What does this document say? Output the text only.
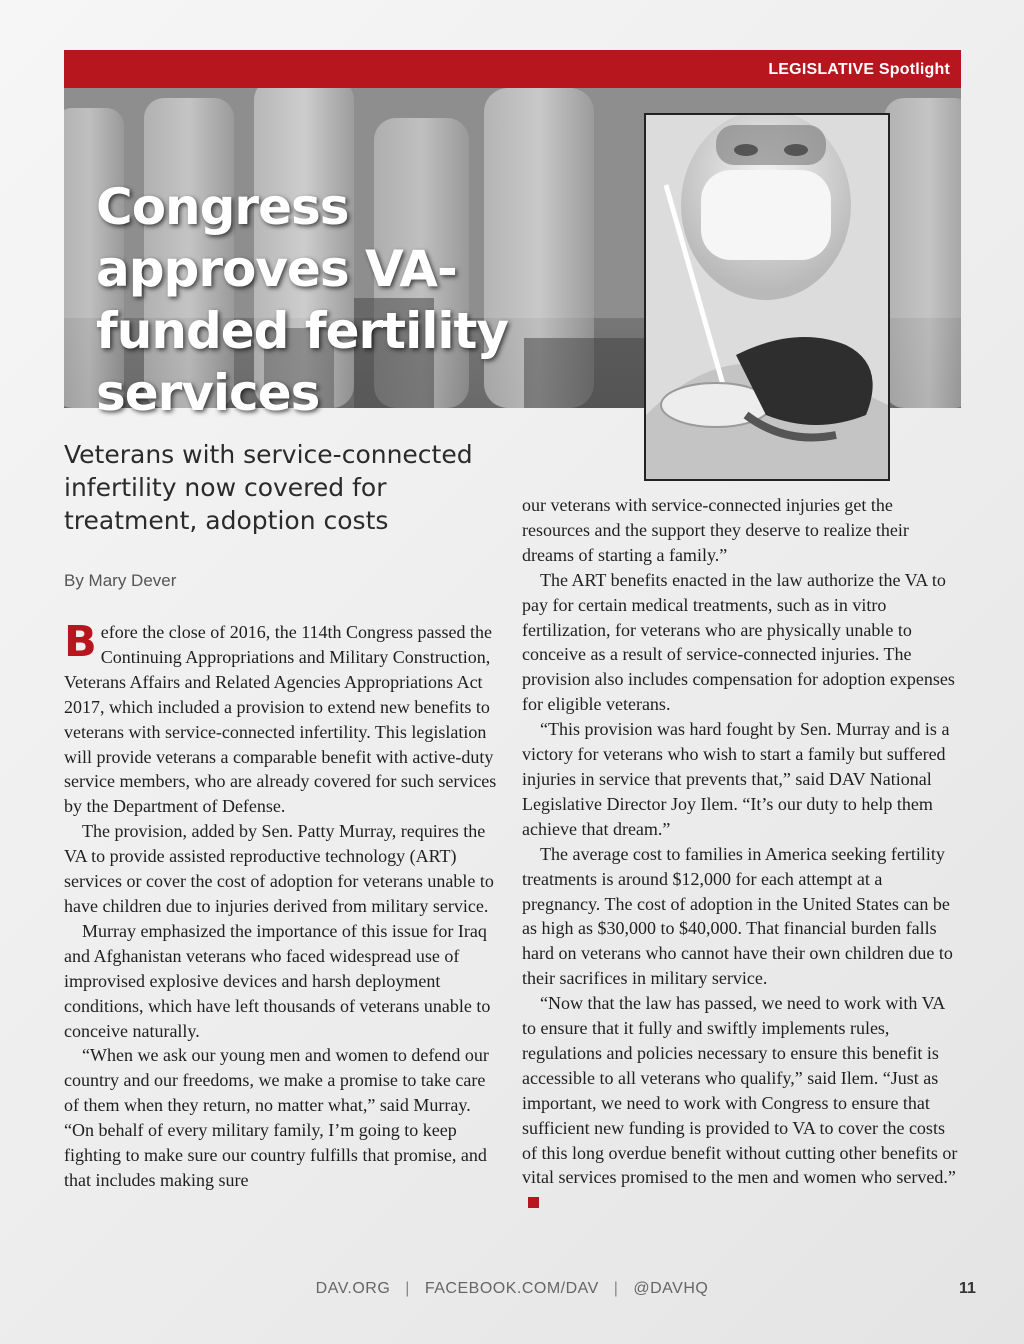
Congress approves VA-funded fertility services
LEGISLATIVE Spotlight
Veterans with service-connected infertility now covered for treatment, adoption costs
By Mary Dever

Before the close of 2016, the 114th Congress passed the Continuing Appropriations and Military Construction, Veterans Affairs and Related Agencies Appropriations Act 2017, which included a provision to extend new benefits to veterans with service-connected infertility. This legislation will provide veterans a comparable benefit with active-duty service members, who are already covered for such services by the Department of Defense.

The provision, added by Sen. Patty Murray, requires the VA to provide assisted reproductive technology (ART) services or cover the cost of adoption for veterans unable to have children due to injuries derived from military service.

Murray emphasized the importance of this issue for Iraq and Afghanistan veterans who faced widespread use of improvised explosive devices and harsh deployment conditions, which have left thousands of veterans unable to conceive naturally.

“When we ask our young men and women to defend our country and our freedoms, we make a promise to take care of them when they return, no matter what,” said Murray. “On behalf of every military family, I’m going to keep fighting to make sure our country fulfills that promise, and that includes making sure

our veterans with service-connected injuries get the resources and the support they deserve to realize their dreams of starting a family.”

The ART benefits enacted in the law authorize the VA to pay for certain medical treatments, such as in vitro fertilization, for veterans who are physically unable to conceive as a result of service-connected injuries. The provision also includes compensation for adoption expenses for eligible veterans.

“This provision was hard fought by Sen. Murray and is a victory for veterans who wish to start a family but suffered injuries in service that prevents that,” said DAV National Legislative Director Joy Ilem. “It’s our duty to help them achieve that dream.”

The average cost to families in America seeking fertility treatments is around $12,000 for each attempt at a pregnancy. The cost of adoption in the United States can be as high as $30,000 to $40,000. That financial burden falls hard on veterans who cannot have their own children due to their sacrifices in military service.

“Now that the law has passed, we need to work with VA to ensure that it fully and swiftly implements rules, regulations and policies necessary to ensure this benefit is accessible to all veterans who qualify,” said Ilem. “Just as important, we need to work with Congress to ensure that sufficient new funding is provided to VA to cover the costs of this long overdue benefit without cutting other benefits or vital services promised to the men and women who served.”

DAV.ORG | FACEBOOK.COM/DAV | @DAVHQ	11
